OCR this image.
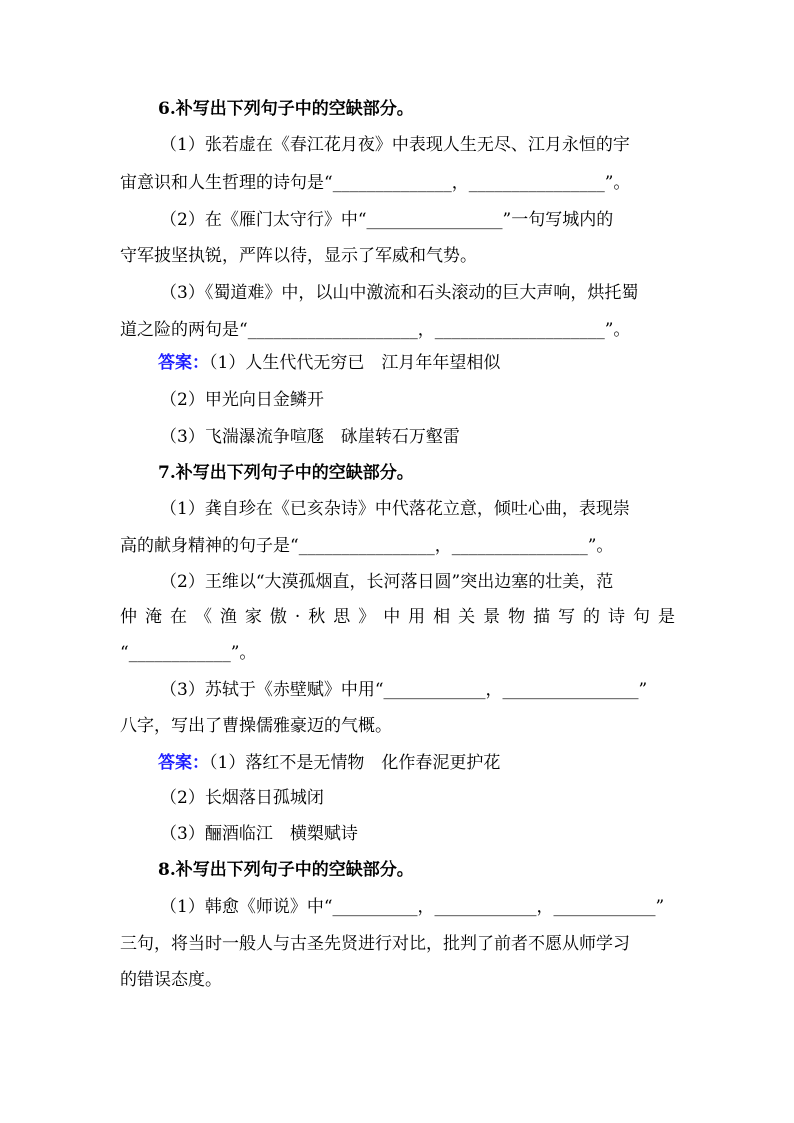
6.补写出下列句子中的空缺部分。
（1）张若虚在《春江花月夜》中表现人生无尽、江月永恒的宇
宙意识和人生哲理的诗句是“______________，________________”。
（2）在《雁门太守行》中“________________”一句写城内的
守军披坚执锐，严阵以待，显示了军威和气势。
（3）《蜀道难》中，以山中激流和石头滚动的巨大声响，烘托蜀
道之险的两句是“____________________，____________________”。
答案：（1）人生代代无穷已　江月年年望相似
（2）甲光向日金鳞开
（3）飞湍瀑流争喧豗　砯崖转石万壑雷
7.补写出下列句子中的空缺部分。
（1）龚自珍在《已亥杂诗》中代落花立意，倾吐心曲，表现崇
高的献身精神的句子是“________________，________________”。
（2）王维以“大漠孤烟直，长河落日圆”突出边塞的壮美，范
仲淹在《渔家傲·秋思》中用相关景物描写的诗句是
“____________”。
（3）苏轼于《赤壁赋》中用“____________，________________”
八字，写出了曹操儒雅豪迈的气概。
答案：（1）落红不是无情物　化作春泥更护花
（2）长烟落日孤城闭
（3）酾酒临江　横槊赋诗
8.补写出下列句子中的空缺部分。
（1）韩愈《师说》中“__________，____________，____________”
三句，将当时一般人与古圣先贤进行对比，批判了前者不愿从师学习
的错误态度。
